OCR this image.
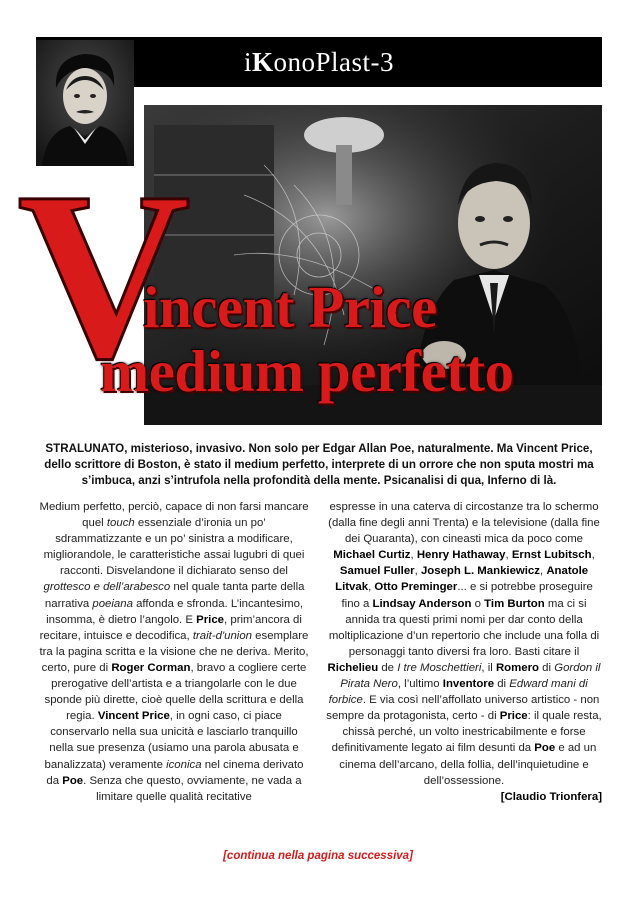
iKonoPlast-3
V
incent Price
medium perfetto
STRALUNATO, misterioso, invasivo. Non solo per Edgar Allan Poe, naturalmente. Ma Vincent Price, dello scrittore di Boston, è stato il medium perfetto, interprete di un orrore che non sputa mostri ma s’imbuca, anzi s’intrufola nella profondità della mente. Psicanalisi di qua, Inferno di là.

Medium perfetto, perciò, capace di non farsi mancare quel touch essenziale d’ironia un po’ sdrammatizzante e un po’ sinistra a modificare, migliorandole, le caratteristiche assai lugubri di quei racconti. Disvelandone il dichiarato senso del grottesco e dell’arabesco nel quale tanta parte della narrativa poeiana affonda e sfronda. L’incantesimo, insomma, è dietro l’angolo. E Price, prim’ancora di recitare, intuisce e decodifica, trait-d'union esemplare tra la pagina scritta e la visione che ne deriva. Merito, certo, pure di Roger Corman, bravo a cogliere certe prerogative dell’artista e a triangolarle con le due sponde più dirette, cioè quelle della scrittura e della regia. Vincent Price, in ogni caso, ci piace conservarlo nella sua unicità e lasciarlo tranquillo nella sue presenza (usiamo una parola abusata e banalizzata) veramente iconica nel cinema derivato da Poe. Senza che questo, ovviamente, ne vada a limitare quelle qualità recitative

espresse in una caterva di circostanze tra lo schermo (dalla fine degli anni Trenta) e la televisione (dalla fine dei Quaranta), con cineasti mica da poco come Michael Curtiz, Henry Hathaway, Ernst Lubitsch, Samuel Fuller, Joseph L. Mankiewicz, Anatole Litvak, Otto Preminger... e si potrebbe proseguire fino a Lindsay Anderson o Tim Burton ma ci si annida tra questi primi nomi per dar conto della moltiplicazione d’un repertorio che include una folla di personaggi tanto diversi fra loro. Basti citare il Richelieu de I tre Moschettieri, il Romero di Gordon il Pirata Nero, l’ultimo Inventore di Edward mani di forbice. E via così nell’affollato universo artistico - non sempre da protagonista, certo - di Price: il quale resta, chissà perché, un volto inestricabilmente e forse definitivamente legato ai film desunti da Poe e ad un cinema dell’arcano, della follia, dell’inquietudine e dell’ossessione.

[Claudio Trionfera]
[continua nella pagina successiva]
